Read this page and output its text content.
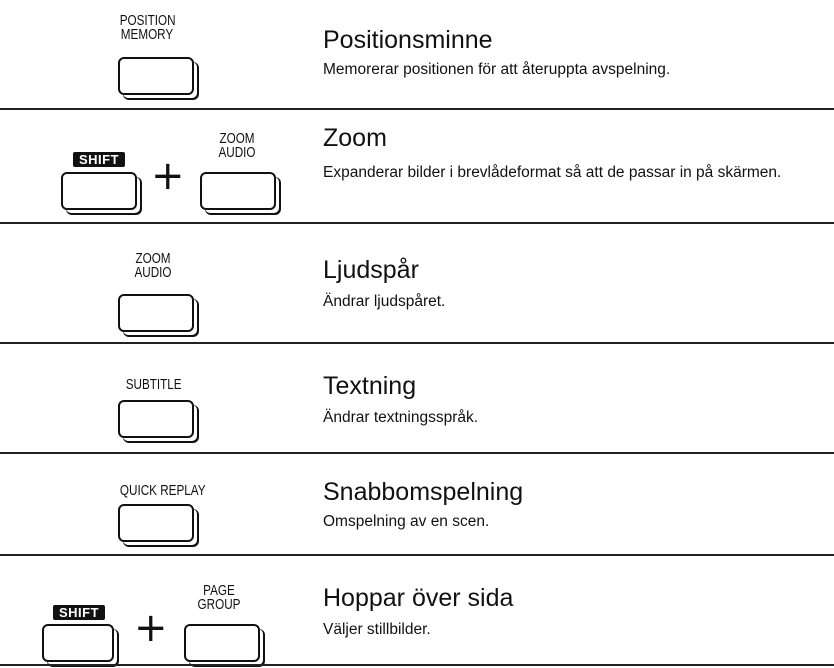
POSITION
MEMORY	Positionsminne
Memorerar positionen för att återuppta avspelning.
SHIFT +
ZOOM
AUDIO
Zoom
Expanderar bilder i brevlådeformat så att de passar in på skärmen.
ZOOM
AUDIO	Ljudspår
Ändrar ljudspåret.
SUBTITLE	Textning
Ändrar textningsspråk.
QUICK REPLAY	Snabbomspelning
Omspelning av en scen.
SHIFT +
PAGE
GROUP	Hoppar över sida
Väljer stillbilder.
